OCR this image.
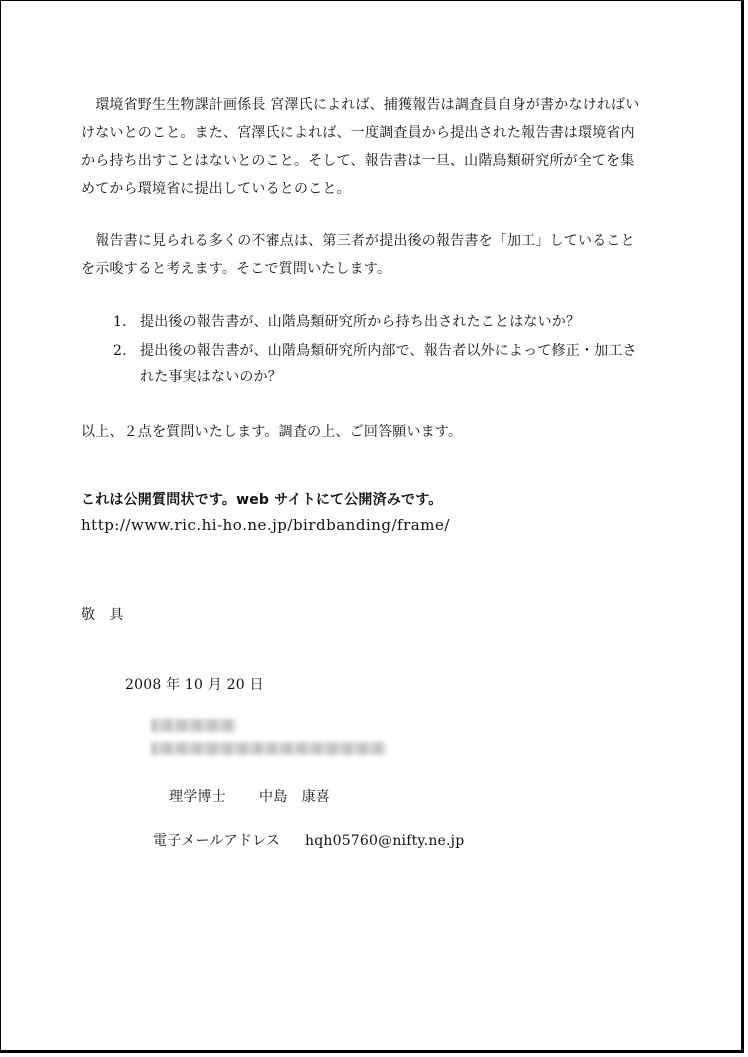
　環境省野生生物課計画係長 宮澤氏によれば、捕獲報告は調査員自身が書かなければい
けないとのこと。また、宮澤氏によれば、一度調査員から提出された報告書は環境省内
から持ち出すことはないとのこと。そして、報告書は一旦、山階鳥類研究所が全てを集
めてから環境省に提出しているとのこと。
　報告書に見られる多くの不審点は、第三者が提出後の報告書を「加工」していること
を示唆すると考えます。そこで質問いたします。
1． 提出後の報告書が、山階鳥類研究所から持ち出されたことはないか？
2． 提出後の報告書が、山階鳥類研究所内部で、報告者以外によって修正・加工さ
れた事実はないのか？
以上、２点を質問いたします。調査の上、ご回答願います。
これは公開質問状です。web サイトにて公開済みです。
http://www.ric.hi-ho.ne.jp/birdbanding/frame/
敬　具
2008 年 10 月 20 日
理学博士 中島　康喜
電子メールアドレス hqh05760@nifty.ne.jp
